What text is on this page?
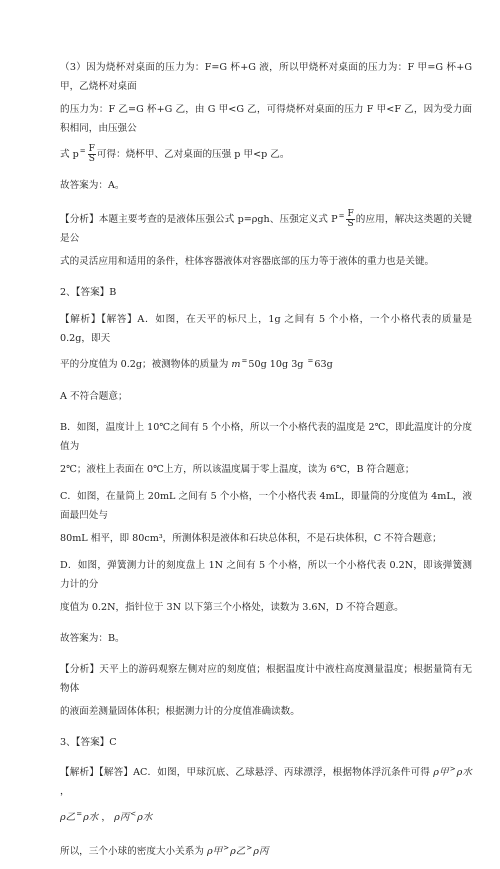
（3）因为烧杯对桌面的压力为：F=G 杯+G 液，所以甲烧杯对桌面的压力为：F 甲=G 杯+G 甲，乙烧杯对桌面

的压力为：F 乙=G 杯+G 乙，由 G 甲<G 乙，可得烧杯对桌面的压力 F 甲<F 乙，因为受力面积相同，由压强公

式 $p^= \frac{F}{S}$ 可得：烧杯甲、乙对桌面的压强 p 甲<p 乙。

故答案为：A。

【分析】本题主要考查的是液体压强公式 p=ρgh、压强定义式 $P^= \frac{F}{S}$ 的应用，解决这类题的关键是公

式的灵活应用和适用的条件，柱体容器液体对容器底部的压力等于液体的重力也是关键。

2、【答案】B

【解析】【解答】A．如图，在天平的标尺上，1g 之间有 5 个小格，一个小格代表的质量是 0.2g，即天

平的分度值为 0.2g；被测物体的质量为 m=50g 10g 3g =63g

A 不符合题意；

B．如图，温度计上 10℃之间有 5 个小格，所以一个小格代表的温度是 2℃，即此温度计的分度值为

2℃；液柱上表面在 0℃上方，所以该温度属于零上温度，读为 6℃，B 符合题意；

C．如图，在量筒上 20mL 之间有 5 个小格，一个小格代表 4mL，即量筒的分度值为 4mL，液面最凹处与

80mL 相平，即 80cm³，所测体积是液体和石块总体积，不是石块体积，C 不符合题意；

D．如图，弹簧测力计的刻度盘上 1N 之间有 5 个小格，所以一个小格代表 0.2N，即该弹簧测力计的分

度值为 0.2N，指针位于 3N 以下第三个小格处，读数为 3.6N，D 不符合题意。

故答案为：B。

【分析】天平上的游码观察左侧对应的刻度值；根据温度计中液柱高度测量温度；根据量筒有无物体

的液面差测量固体体积；根据测力计的分度值准确读数。

3、【答案】C

【解析】【解答】AC．如图，甲球沉底、乙球悬浮、丙球漂浮，根据物体浮沉条件可得 ρ甲>ρ水 ，

ρ乙=ρ水 ， ρ丙<ρ水

所以，三个小球的密度大小关系为 ρ甲>ρ乙>ρ丙
